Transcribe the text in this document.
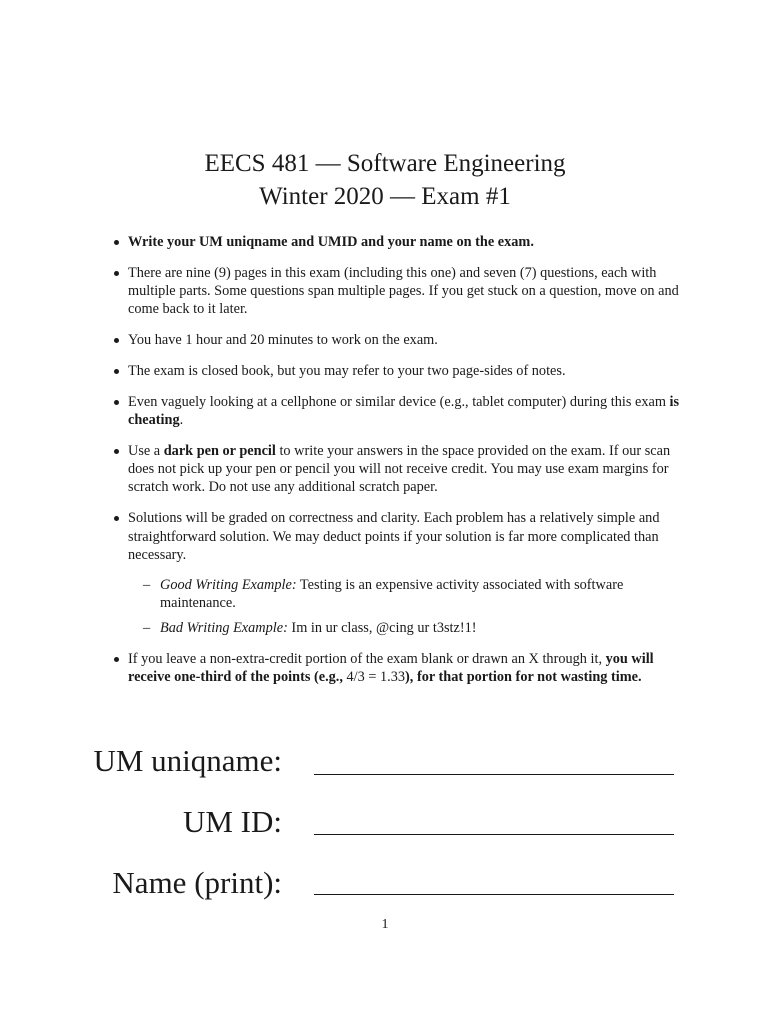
EECS 481 — Software Engineering
Winter 2020 — Exam #1
Write your UM uniqname and UMID and your name on the exam.
There are nine (9) pages in this exam (including this one) and seven (7) questions, each with multiple parts. Some questions span multiple pages. If you get stuck on a question, move on and come back to it later.
You have 1 hour and 20 minutes to work on the exam.
The exam is closed book, but you may refer to your two page-sides of notes.
Even vaguely looking at a cellphone or similar device (e.g., tablet computer) during this exam is cheating.
Use a dark pen or pencil to write your answers in the space provided on the exam. If our scan does not pick up your pen or pencil you will not receive credit. You may use exam margins for scratch work. Do not use any additional scratch paper.
Solutions will be graded on correctness and clarity. Each problem has a relatively simple and straightforward solution. We may deduct points if your solution is far more complicated than necessary.
– Good Writing Example: Testing is an expensive activity associated with software maintenance.
– Bad Writing Example: Im in ur class, @cing ur t3stz!1!
If you leave a non-extra-credit portion of the exam blank or drawn an X through it, you will receive one-third of the points (e.g., 4/3 = 1.33), for that portion for not wasting time.
UM uniqname:
UM ID:
Name (print):
1
